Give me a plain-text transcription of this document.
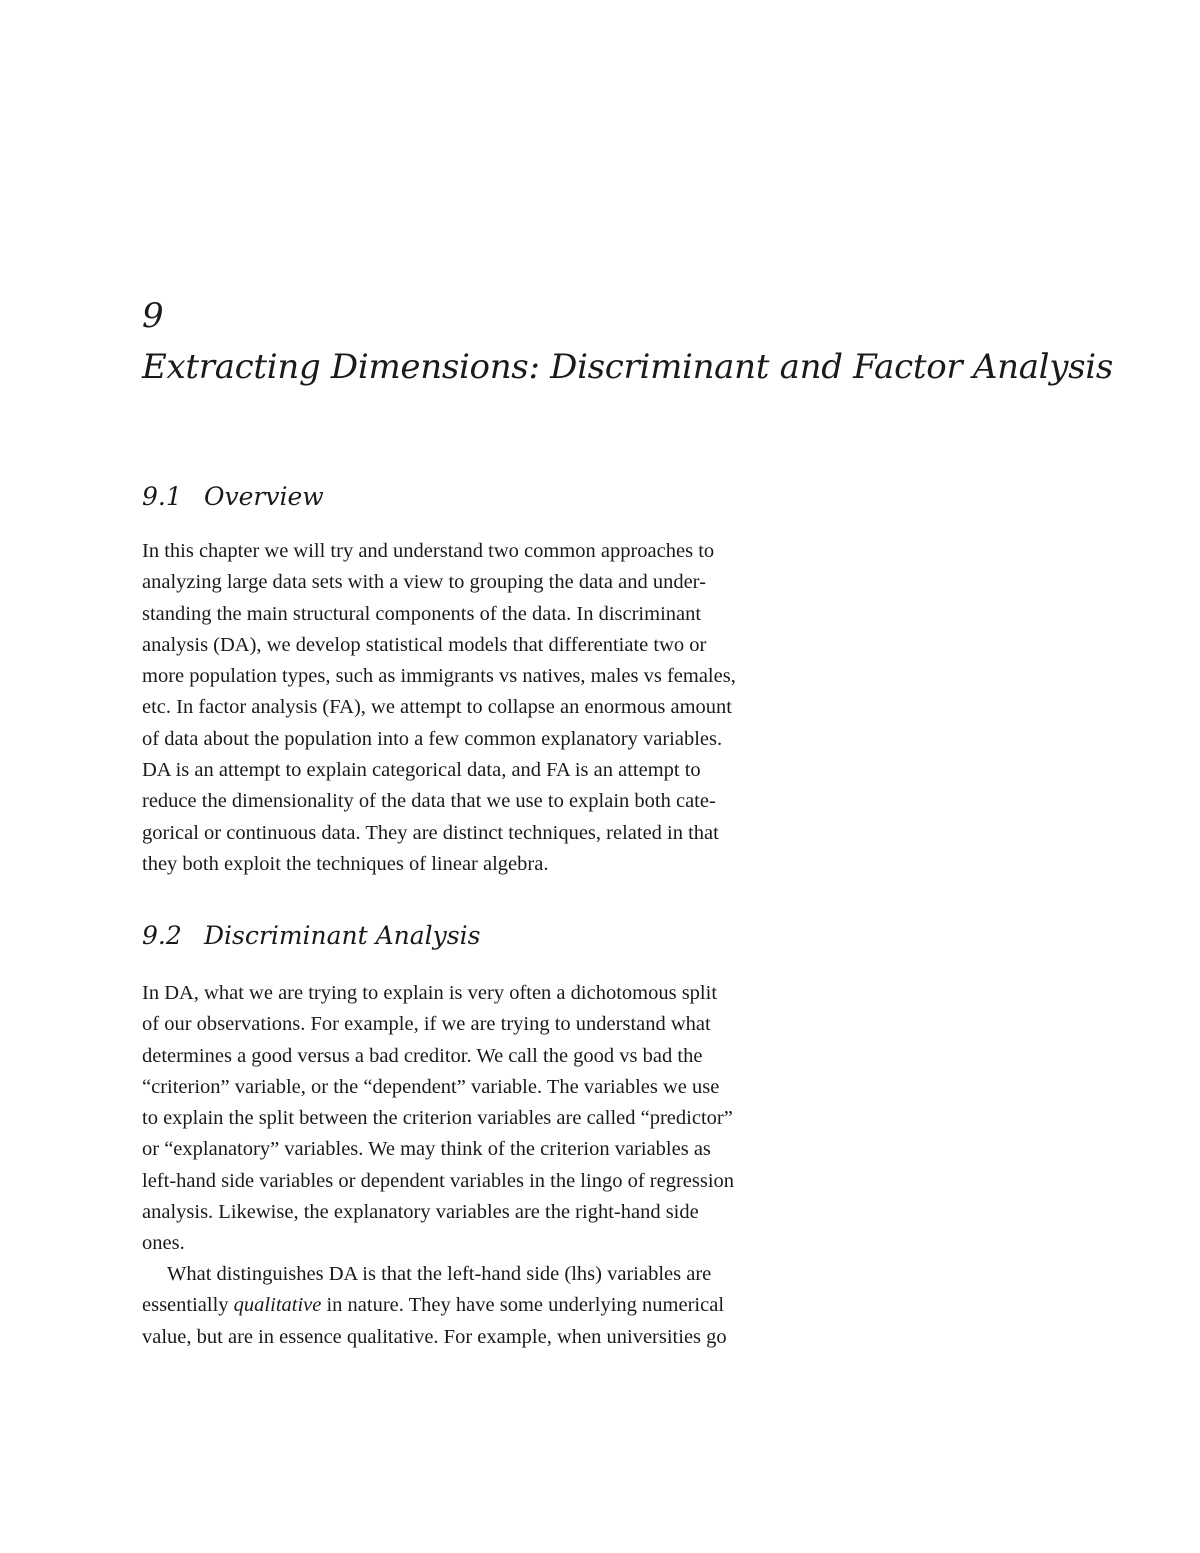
9
Extracting Dimensions: Discriminant and Factor Analysis
9.1 Overview
In this chapter we will try and understand two common approaches to
analyzing large data sets with a view to grouping the data and under-
standing the main structural components of the data. In discriminant
analysis (DA), we develop statistical models that differentiate two or
more population types, such as immigrants vs natives, males vs females,
etc. In factor analysis (FA), we attempt to collapse an enormous amount
of data about the population into a few common explanatory variables.
DA is an attempt to explain categorical data, and FA is an attempt to
reduce the dimensionality of the data that we use to explain both cate-
gorical or continuous data. They are distinct techniques, related in that
they both exploit the techniques of linear algebra.
9.2 Discriminant Analysis
In DA, what we are trying to explain is very often a dichotomous split
of our observations. For example, if we are trying to understand what
determines a good versus a bad creditor. We call the good vs bad the
“criterion” variable, or the “dependent” variable. The variables we use
to explain the split between the criterion variables are called “predictor”
or “explanatory” variables. We may think of the criterion variables as
left-hand side variables or dependent variables in the lingo of regression
analysis. Likewise, the explanatory variables are the right-hand side
ones.
What distinguishes DA is that the left-hand side (lhs) variables are
essentially qualitative in nature. They have some underlying numerical
value, but are in essence qualitative. For example, when universities go
